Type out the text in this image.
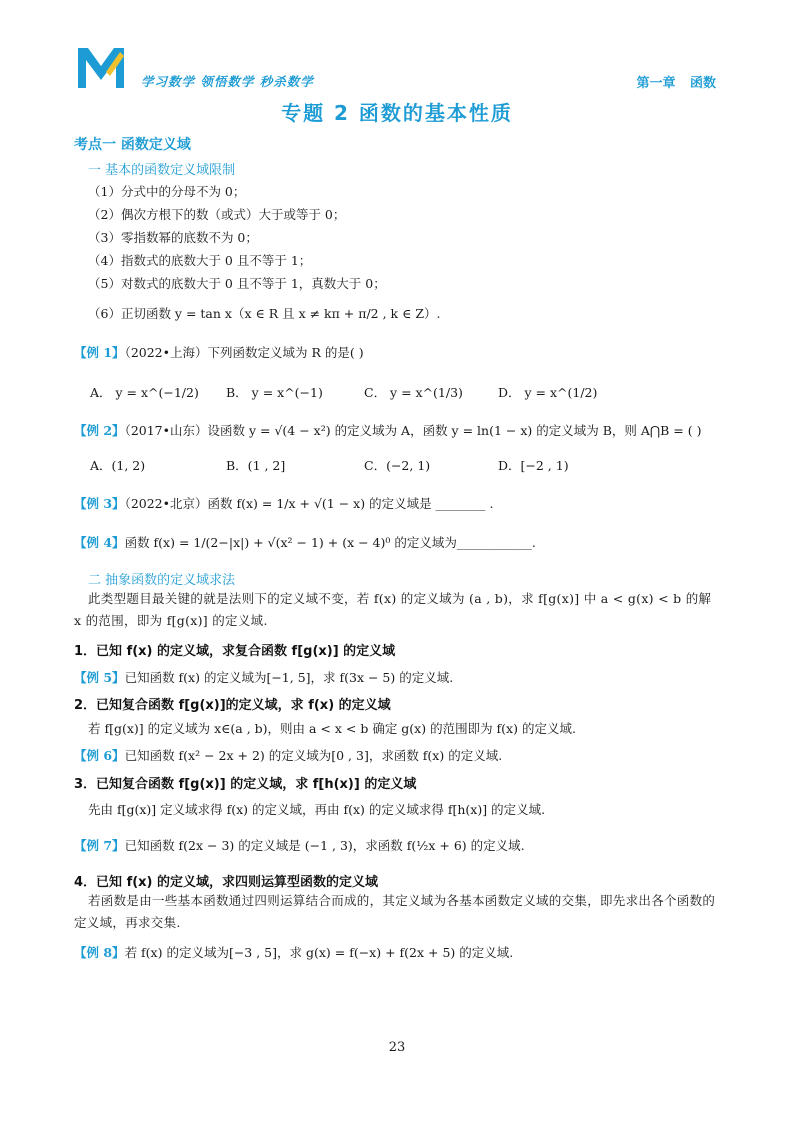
学习数学 领悟数学 秒杀数学	第一章 函数
专题 2 函数的基本性质
考点一 函数定义域
一 基本的函数定义域限制
（1）分式中的分母不为 0；
（2）偶次方根下的数（或式）大于或等于 0；
（3）零指数幂的底数不为 0；
（4）指数式的底数大于 0 且不等于 1；
（5）对数式的底数大于 0 且不等于 1，真数大于 0；
（6）正切函数 y = tan x（x ∈ R 且 x ≠ kπ + π/2 , k ∈ Z）.
【例 1】（2022•上海）下列函数定义域为 R 的是( )
A． y = x^(−1/2) B． y = x^(−1)	C． y = x^(1/3)	D． y = x^(1/2)
【例 2】（2017•山东）设函数 y = √(4 − x²) 的定义域为 A，函数 y = ln(1 − x) 的定义域为 B，则 A⋂B = ( )
A．(1, 2)	B．(1 , 2]	C．(−2, 1)	D．[−2 , 1)
【例 3】（2022•北京）函数 f(x) = 1/x + √(1 − x) 的定义域是 ________ .
【例 4】函数 f(x) = 1/(2−|x|) + √(x² − 1) + (x − 4)⁰ 的定义域为____________.
二 抽象函数的定义域求法
此类型题目最关键的就是法则下的定义域不变，若 f(x) 的定义域为 (a , b)，求 f[g(x)] 中 a < g(x) < b 的解 x 的范围，即为 f[g(x)] 的定义域.
1．已知 f(x) 的定义域，求复合函数 f[g(x)] 的定义域
【例 5】已知函数 f(x) 的定义域为[−1, 5]，求 f(3x − 5) 的定义域.
2．已知复合函数 f[g(x)]的定义域，求 f(x) 的定义域
若 f[g(x)] 的定义域为 x∈(a , b)，则由 a < x < b 确定 g(x) 的范围即为 f(x) 的定义域.
【例 6】已知函数 f(x² − 2x + 2) 的定义域为[0 , 3]，求函数 f(x) 的定义域.
3．已知复合函数 f[g(x)] 的定义域，求 f[h(x)] 的定义域
先由 f[g(x)] 定义域求得 f(x) 的定义域，再由 f(x) 的定义域求得 f[h(x)] 的定义域.
【例 7】已知函数 f(2x − 3) 的定义域是 (−1 , 3)，求函数 f(½x + 6) 的定义域.
4．已知 f(x) 的定义域，求四则运算型函数的定义域
若函数是由一些基本函数通过四则运算结合而成的，其定义域为各基本函数定义域的交集，即先求出各个函数的定义域，再求交集.
【例 8】若 f(x) 的定义域为[−3 , 5]，求 g(x) = f(−x) + f(2x + 5) 的定义域.
23
